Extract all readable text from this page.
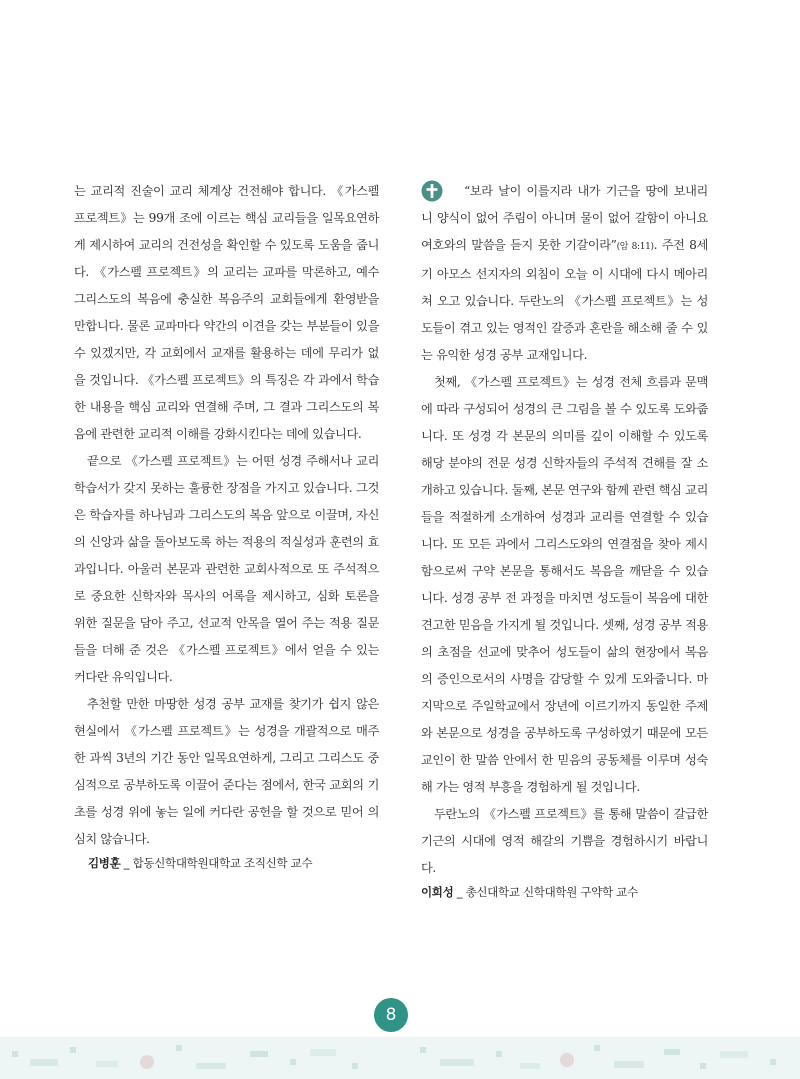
는 교리적 진술이 교리 체계상 건전해야 합니다. 《가스펠 프로젝트》는 99개 조에 이르는 핵심 교리들을 일목요연하게 제시하여 교리의 건전성을 확인할 수 있도록 도움을 줍니다. 《가스펠 프로젝트》의 교리는 교파를 막론하고, 예수 그리스도의 복음에 충실한 복음주의 교회들에게 환영받을 만합니다. 물론 교파마다 약간의 이견을 갖는 부분들이 있을 수 있겠지만, 각 교회에서 교재를 활용하는 데에 무리가 없을 것입니다. 《가스펠 프로젝트》의 특징은 각 과에서 학습한 내용을 핵심 교리와 연결해 주며, 그 결과 그리스도의 복음에 관련한 교리적 이해를 강화시킨다는 데에 있습니다.

끝으로 《가스펠 프로젝트》는 어떤 성경 주해서나 교리 학습서가 갖지 못하는 훌륭한 장점을 가지고 있습니다. 그것은 학습자를 하나님과 그리스도의 복음 앞으로 이끌며, 자신의 신앙과 삶을 돌아보도록 하는 적용의 적실성과 훈련의 효과입니다. 아울러 본문과 관련한 교회사적으로 또 주석적으로 중요한 신학자와 목사의 어록을 제시하고, 심화 토론을 위한 질문을 담아 주고, 선교적 안목을 열어 주는 적용 질문들을 더해 준 것은 《가스펠 프로젝트》에서 얻을 수 있는 커다란 유익입니다.

추천할 만한 마땅한 성경 공부 교재를 찾기가 쉽지 않은 현실에서 《가스펠 프로젝트》는 성경을 개괄적으로 매주 한 과씩 3년의 기간 동안 일목요연하게, 그리고 그리스도 중심적으로 공부하도록 이끌어 준다는 점에서, 한국 교회의 기초를 성경 위에 놓는 일에 커다란 공헌을 할 것으로 믿어 의심치 않습니다.

김병훈 _ 합동신학대학원대학교 조직신학 교수

“보라 날이 이를지라 내가 기근을 땅에 보내리니 양식이 없어 주림이 아니며 물이 없어 갈함이 아니요 여호와의 말씀을 듣지 못한 기갈이라”(암 8:11). 주전 8세기 아모스 선지자의 외침이 오늘 이 시대에 다시 메아리쳐 오고 있습니다. 두란노의 《가스펠 프로젝트》는 성도들이 겪고 있는 영적인 갈증과 혼란을 해소해 줄 수 있는 유익한 성경 공부 교재입니다.

첫째, 《가스펠 프로젝트》는 성경 전체 흐름과 문맥에 따라 구성되어 성경의 큰 그림을 볼 수 있도록 도와줍니다. 또 성경 각 본문의 의미를 깊이 이해할 수 있도록 해당 분야의 전문 성경 신학자들의 주석적 견해를 잘 소개하고 있습니다. 둘째, 본문 연구와 함께 관련 핵심 교리들을 적절하게 소개하여 성경과 교리를 연결할 수 있습니다. 또 모든 과에서 그리스도와의 연결점을 찾아 제시함으로써 구약 본문을 통해서도 복음을 깨닫을 수 있습니다. 성경 공부 전 과정을 마치면 성도들이 복음에 대한 견고한 믿음을 가지게 될 것입니다. 셋째, 성경 공부 적용의 초점을 선교에 맞추어 성도들이 삶의 현장에서 복음의 증인으로서의 사명을 감당할 수 있게 도와줍니다. 마지막으로 주일학교에서 장년에 이르기까지 동일한 주제와 본문으로 성경을 공부하도록 구성하였기 때문에 모든 교인이 한 말씀 안에서 한 믿음의 공동체를 이루며 성숙해 가는 영적 부흥을 경험하게 될 것입니다.

두란노의 《가스펠 프로젝트》를 통해 말씀이 갈급한 기근의 시대에 영적 해갈의 기쁨을 경험하시기 바랍니다.

이희성 _ 총신대학교 신학대학원 구약학 교수
8
